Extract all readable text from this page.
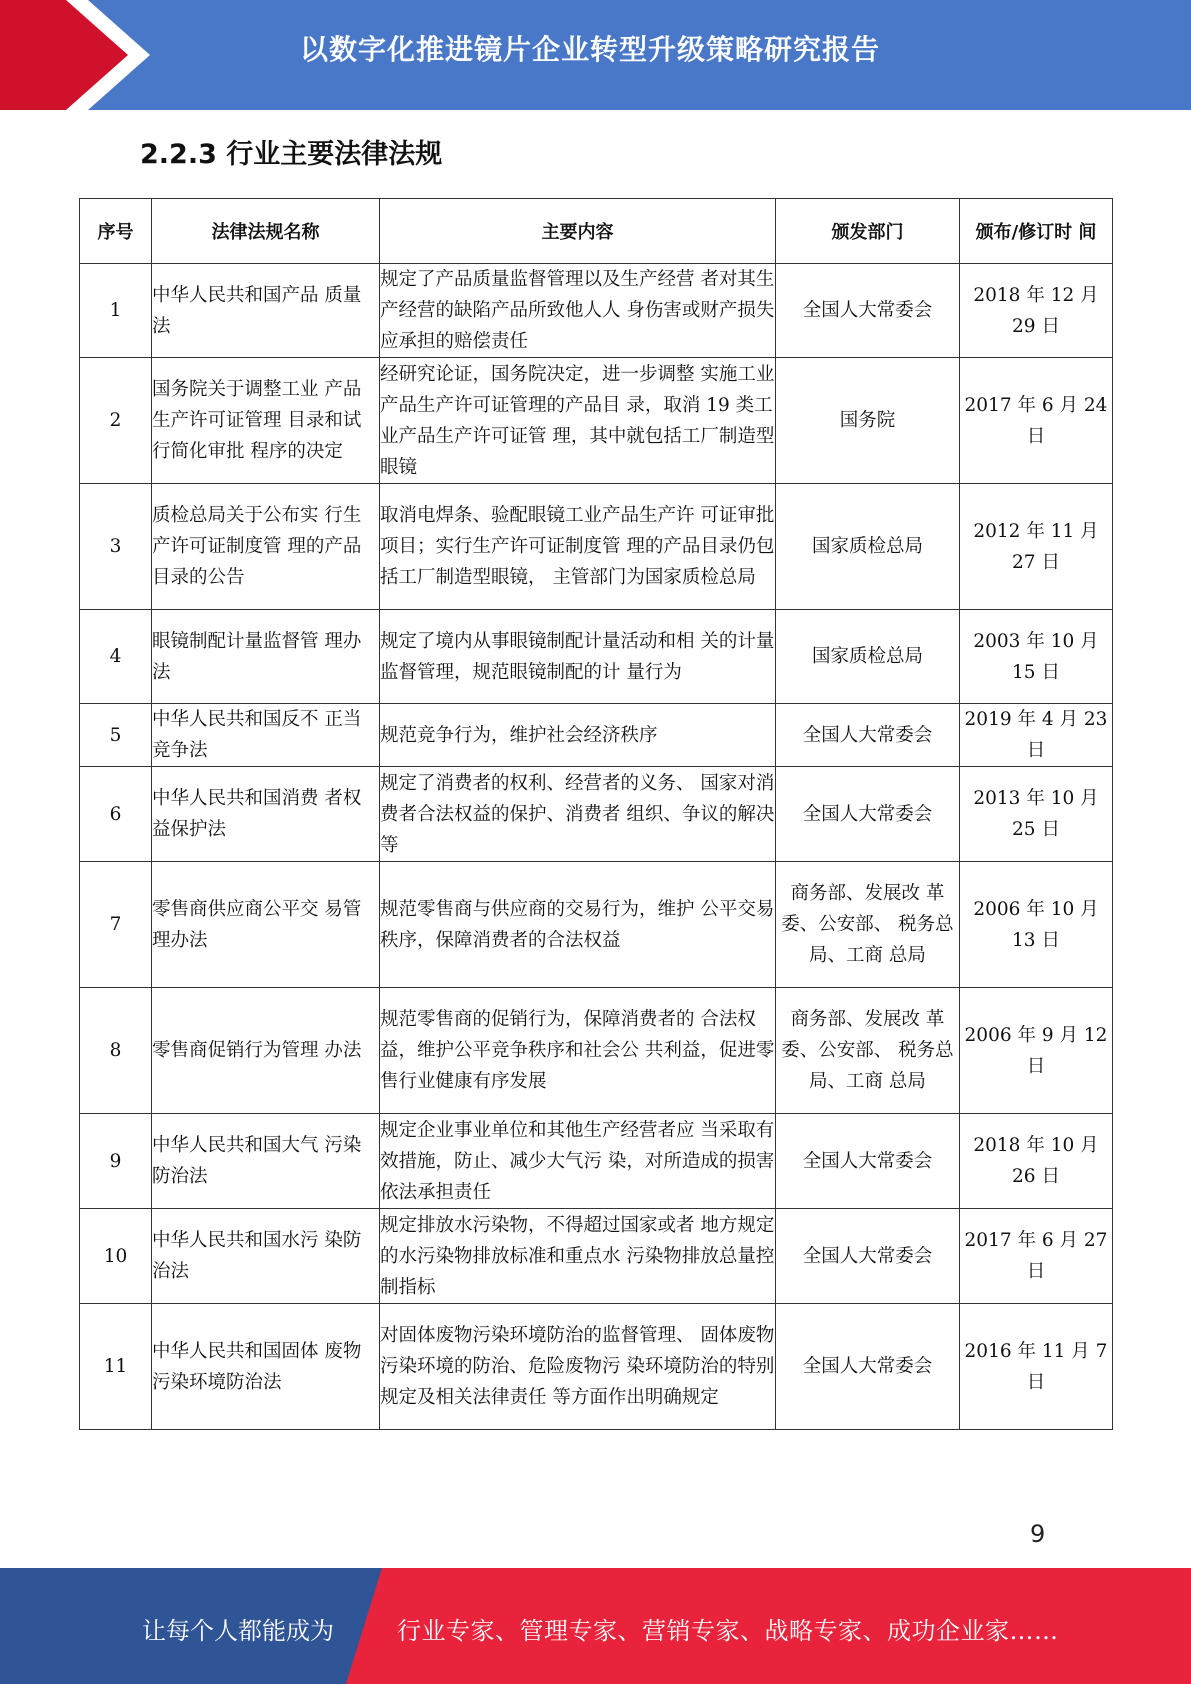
以数字化推进镜片企业转型升级策略研究报告
2.2.3 行业主要法律法规
序号	法律法规名称	主要内容	颁发部门	颁布/修订时 间
1	中华人民共和国产品 质量法	规定了产品质量监督管理以及生产经营 者对其生产经营的缺陷产品所致他人人 身伤害或财产损失应承担的赔偿责任	全国人大常委会	2018 年 12 月 29 日
2	国务院关于调整工业 产品生产许可证管理 目录和试行简化审批 程序的决定	经研究论证，国务院决定，进一步调整 实施工业产品生产许可证管理的产品目 录，取消 19 类工业产品生产许可证管 理，其中就包括工厂制造型眼镜	国务院	2017 年 6 月 24 日
3	质检总局关于公布实 行生产许可证制度管 理的产品目录的公告	取消电焊条、验配眼镜工业产品生产许 可证审批项目；实行生产许可证制度管 理的产品目录仍包括工厂制造型眼镜， 主管部门为国家质检总局	国家质检总局	2012 年 11 月 27 日
4	眼镜制配计量监督管 理办法	规定了境内从事眼镜制配计量活动和相 关的计量监督管理，规范眼镜制配的计 量行为	国家质检总局	2003 年 10 月 15 日
5	中华人民共和国反不 正当竞争法	规范竞争行为，维护社会经济秩序	全国人大常委会	2019 年 4 月 23 日
6	中华人民共和国消费 者权益保护法	规定了消费者的权利、经营者的义务、 国家对消费者合法权益的保护、消费者 组织、争议的解决等	全国人大常委会	2013 年 10 月 25 日
7	零售商供应商公平交 易管理办法	规范零售商与供应商的交易行为，维护 公平交易秩序，保障消费者的合法权益	商务部、发展改 革委、公安部、 税务总局、工商 总局	2006 年 10 月 13 日
8	零售商促销行为管理 办法	规范零售商的促销行为，保障消费者的 合法权益，维护公平竞争秩序和社会公 共利益，促进零售行业健康有序发展	商务部、发展改 革委、公安部、 税务总局、工商 总局	2006 年 9 月 12 日
9	中华人民共和国大气 污染防治法	规定企业事业单位和其他生产经营者应 当采取有效措施，防止、减少大气污 染，对所造成的损害依法承担责任	全国人大常委会	2018 年 10 月 26 日
10	中华人民共和国水污 染防治法	规定排放水污染物，不得超过国家或者 地方规定的水污染物排放标准和重点水 污染物排放总量控制指标	全国人大常委会	2017 年 6 月 27 日
11	中华人民共和国固体 废物污染环境防治法	对固体废物污染环境防治的监督管理、 固体废物污染环境的防治、危险废物污 染环境防治的特别规定及相关法律责任 等方面作出明确规定	全国人大常委会	2016 年 11 月 7 日
9
让每个人都能成为	行业专家、管理专家、营销专家、战略专家、成功企业家……
